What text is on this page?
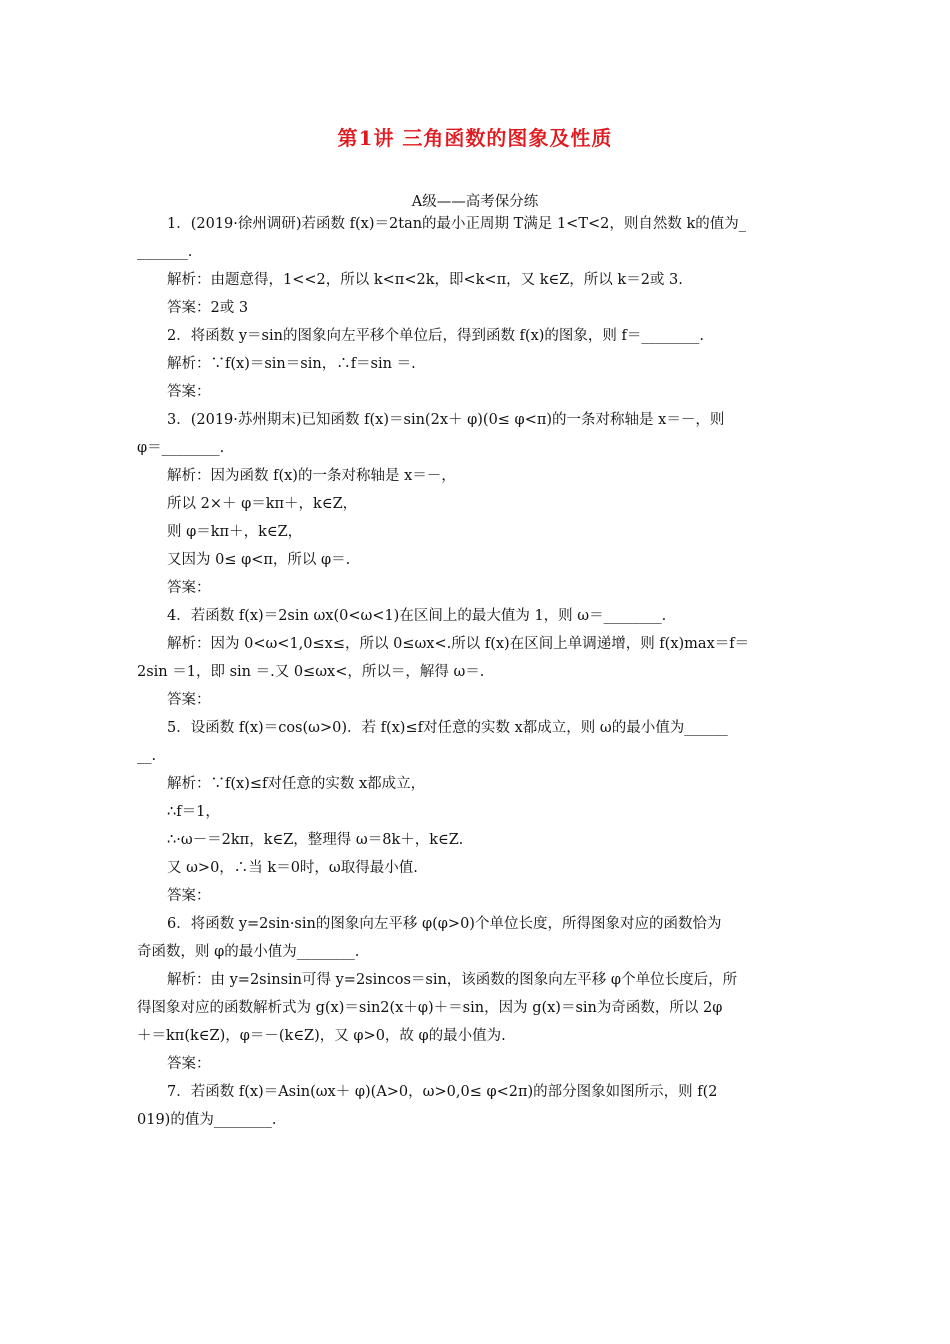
第1讲 三角函数的图象及性质
A级——高考保分练
1．(2019·徐州调研)若函数 f(x)＝2tan的最小正周期 T满足 1<T<2，则自然数 k的值为_
_______.
解析：由题意得，1<<2，所以 k<π<2k，即<k<π，又 k∈Z，所以 k＝2或 3.
答案：2或 3
2．将函数 y＝sin的图象向左平移个单位后，得到函数 f(x)的图象，则 f＝________.
解析：∵f(x)＝sin＝sin，∴f＝sin ＝.
答案：
3．(2019·苏州期末)已知函数 f(x)＝sin(2x＋ φ)(0≤ φ<π)的一条对称轴是 x＝－，则
φ＝________.
解析：因为函数 f(x)的一条对称轴是 x＝－，
所以 2×＋ φ＝kπ＋，k∈Z，
则 φ＝kπ＋，k∈Z，
又因为 0≤ φ<π，所以 φ＝.
答案：
4．若函数 f(x)＝2sin ωx(0<ω<1)在区间上的最大值为 1，则 ω＝________.
解析：因为 0<ω<1,0≤x≤，所以 0≤ωx<.所以 f(x)在区间上单调递增，则 f(x)max＝f＝
2sin ＝1，即 sin ＝.又 0≤ωx<，所以＝，解得 ω＝.
答案：
5．设函数 f(x)＝cos(ω>0)．若 f(x)≤f对任意的实数 x都成立，则 ω的最小值为______
__.
解析：∵f(x)≤f对任意的实数 x都成立，
∴f＝1，
∴·ω－＝2kπ，k∈Z，整理得 ω＝8k＋，k∈Z.
又 ω>0，∴当 k＝0时，ω取得最小值.
答案：
6．将函数 y=2sin·sin的图象向左平移 φ(φ>0)个单位长度，所得图象对应的函数恰为
奇函数，则 φ的最小值为________.
解析：由 y=2sinsin可得 y=2sincos＝sin，该函数的图象向左平移 φ个单位长度后，所
得图象对应的函数解析式为 g(x)＝sin2(x＋φ)＋＝sin，因为 g(x)＝sin为奇函数，所以 2φ
＋＝kπ(k∈Z)，φ＝－(k∈Z)，又 φ>0，故 φ的最小值为.
答案：
7．若函数 f(x)＝Asin(ωx＋ φ)(A>0，ω>0,0≤ φ<2π)的部分图象如图所示，则 f(2
019)的值为________.
